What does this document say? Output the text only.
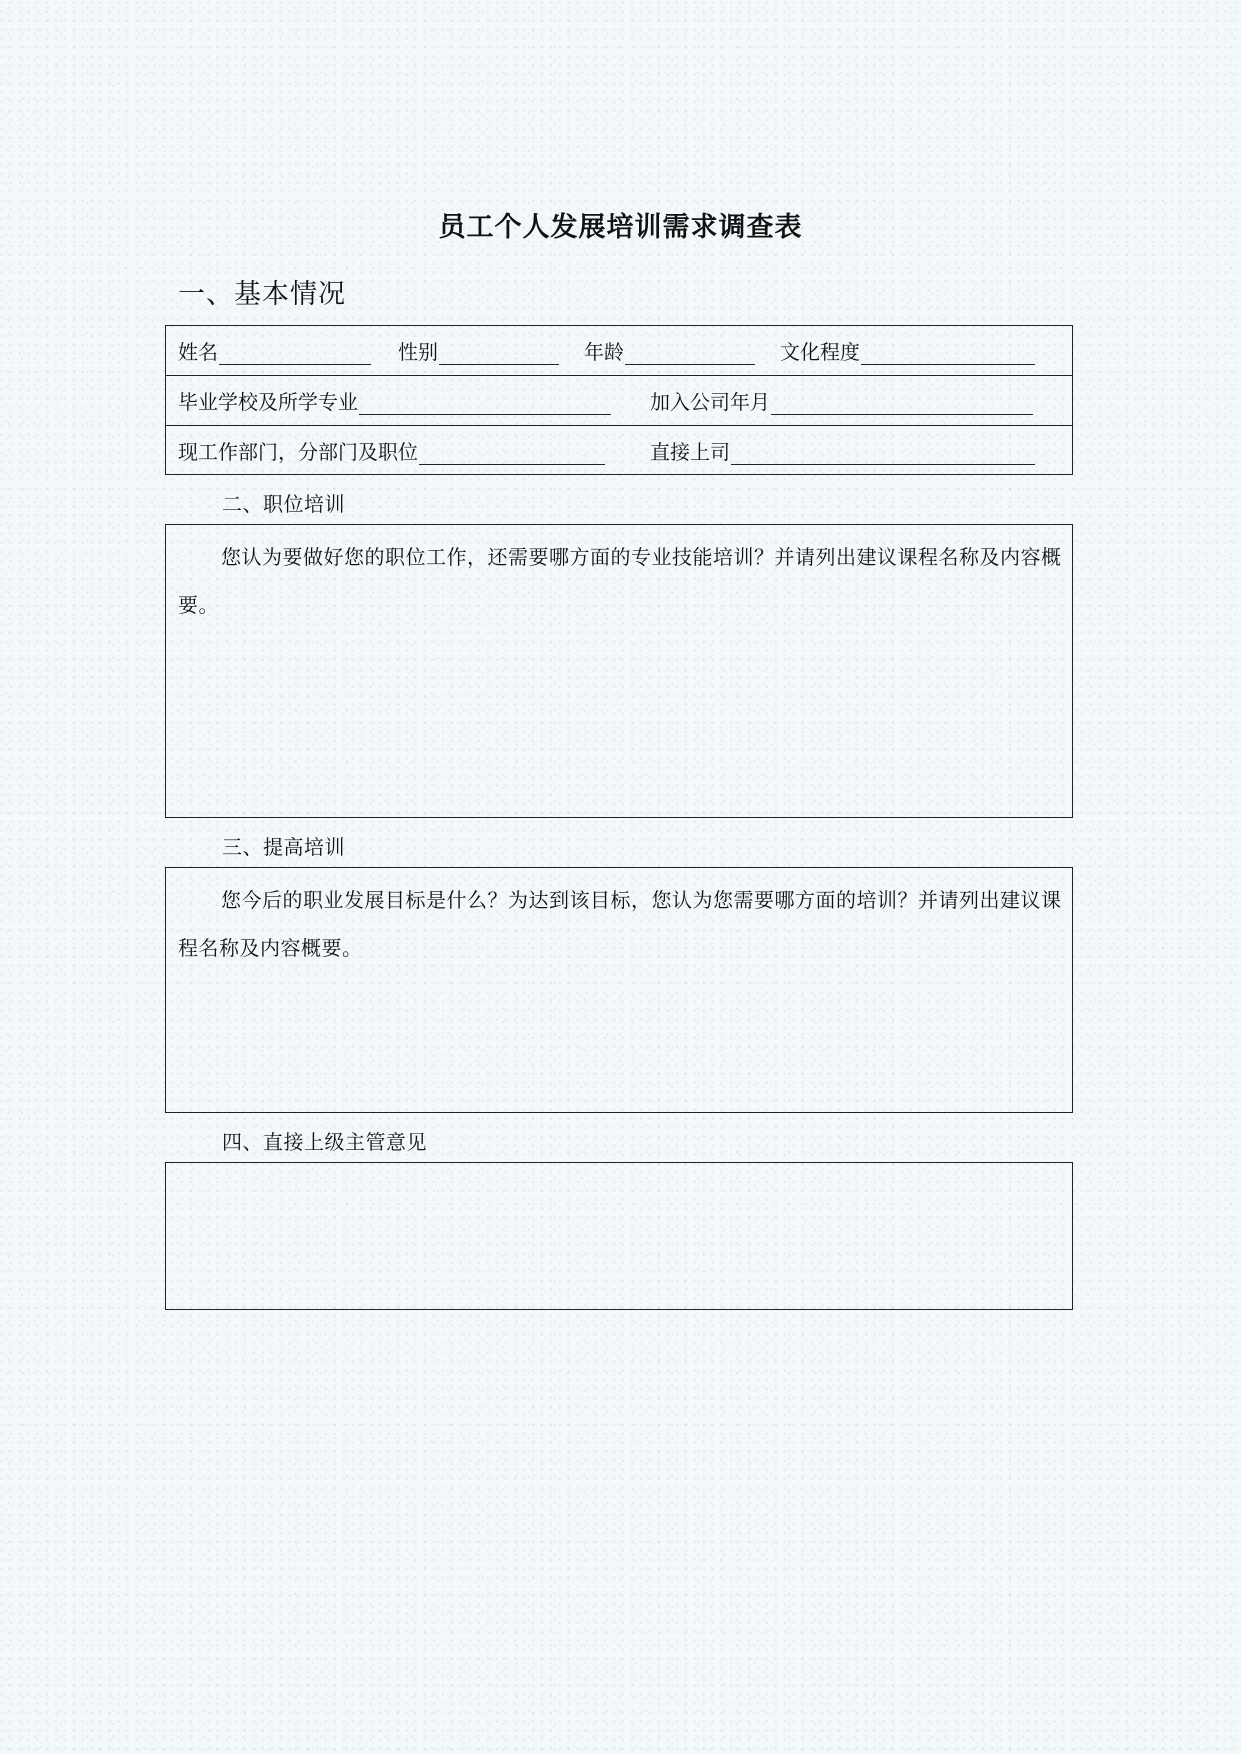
员工个人发展培训需求调查表
一、基本情况
姓名	性别	年龄	文化程度
毕业学校及所学专业	加入公司年月
现工作部门，分部门及职位	直接上司
二、职位培训
您认为要做好您的职位工作，还需要哪方面的专业技能培训？并请列出建议课程名称及内容概要。
三、提高培训
您今后的职业发展目标是什么？为达到该目标，您认为您需要哪方面的培训？并请列出建议课程名称及内容概要。
四、直接上级主管意见
